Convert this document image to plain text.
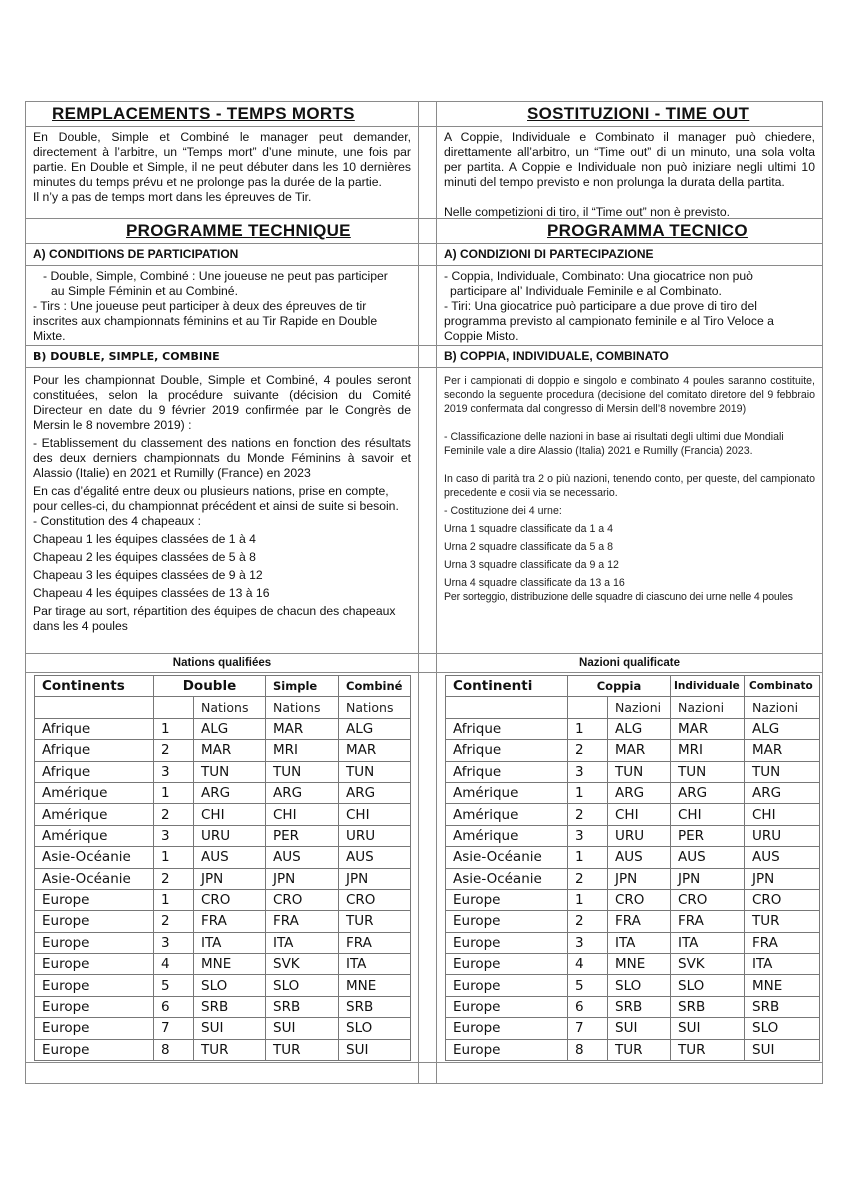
REMPLACEMENTS - TEMPS MORTS		SOSTITUZIONI - TIME OUT

En Double, Simple et Combiné le manager peut demander, directement à l’arbitre, un “Temps mort” d’une minute, une fois par partie. En Double et Simple, il ne peut débuter dans les 10 dernières minutes du temps prévu et ne prolonge pas la durée de la partie.

Il n’y a pas de temps mort dans les épreuves de Tir.

A Coppie, Individuale e Combinato il manager può chiedere, direttamente all’arbitro, un “Time out” di un minuto, una sola volta per partita. A Coppie e Individuale non può iniziare negli ultimi 10 minuti del tempo previsto e non prolunga la durata della partita.

Nelle competizioni di tiro, il “Time out” non è previsto.

PROGRAMME TECHNIQUE		PROGRAMMA TECNICO

A) CONDITIONS DE PARTICIPATION		A) CONDIZIONI DI PARTECIPAZIONE

- Double, Simple, Combiné : Une joueuse ne peut pas participer

au Simple Féminin et au Combiné.

- Tirs : Une joueuse peut participer à deux des épreuves de tir inscrites aux championnats féminins et au Tir Rapide en Double Mixte.

- Coppia, Individuale, Combinato: Una giocatrice non può

participare al’ Individuale Feminile e al Combinato.

- Tiri: Una giocatrice può participare a due prove di tiro del programma previsto al campionato feminile e al Tiro Veloce a Coppie Misto.

B) DOUBLE, SIMPLE, COMBINE		B) COPPIA, INDIVIDUALE, COMBINATO

Pour les championnat Double, Simple et Combiné, 4 poules seront constituées, selon la procédure suivante (décision du Comité Directeur en date du 9 février 2019 confirmée par le Congrès de Mersin le 8 novembre 2019) :

- Etablissement du classement des nations en fonction des résultats des deux derniers championnats du Monde Féminins à savoir et Alassio (Italie) en 2021 et Rumilly (France) en 2023

En cas d’égalité entre deux ou plusieurs nations, prise en compte, pour celles-ci, du championnat précédent et ainsi de suite si besoin.

- Constitution des 4 chapeaux :

Chapeau 1 les équipes classées de 1 à 4

Chapeau 2 les équipes classées de 5 à 8

Chapeau 3 les équipes classées de 9 à 12

Chapeau 4 les équipes classées de 13 à 16

Par tirage au sort, répartition des équipes de chacun des chapeaux dans les 4 poules

Per i campionati di doppio e singolo e combinato 4 poules saranno costituite, secondo la seguente procedura (decisione del comitato diretore del 9 febbraio 2019 confermata dal congresso di Mersin dell’8 novembre 2019)

- Classificazione delle nazioni in base ai risultati degli ultimi due Mondiali Feminile vale a dire Alassio (Italia) 2021 e Rumilly (Francia) 2023.

In caso di parità tra 2 o più nazioni, tenendo conto, per queste, del campionato precedente e cosii via se necessario.

- Costituzione dei 4 urne:

Urna 1 squadre classificate da 1 a 4

Urna 2 squadre classificate da 5 a 8

Urna 3 squadre classificate da 9 a 12

Urna 4 squadre classificate da 13 a 16

Per sorteggio, distribuzione delle squadre di ciascuno dei urne nelle 4 poules

Nations qualifiées		Nazioni qualificate

Continents	Double	Simple	Combiné
		Nations	Nations	Nations
Afrique	1	ALG	MAR	ALG
Afrique	2	MAR	MRI	MAR
Afrique	3	TUN	TUN	TUN
Amérique	1	ARG	ARG	ARG
Amérique	2	CHI	CHI	CHI
Amérique	3	URU	PER	URU
Asie-Océanie	1	AUS	AUS	AUS
Asie-Océanie	2	JPN	JPN	JPN
Europe	1	CRO	CRO	CRO
Europe	2	FRA	FRA	TUR
Europe	3	ITA	ITA	FRA
Europe	4	MNE	SVK	ITA
Europe	5	SLO	SLO	MNE
Europe	6	SRB	SRB	SRB
Europe	7	SUI	SUI	SLO
Europe	8	TUR	TUR	SUI

Continenti	Coppia	Individuale	Combinato
		Nazioni	Nazioni	Nazioni
Afrique	1	ALG	MAR	ALG
Afrique	2	MAR	MRI	MAR
Afrique	3	TUN	TUN	TUN
Amérique	1	ARG	ARG	ARG
Amérique	2	CHI	CHI	CHI
Amérique	3	URU	PER	URU
Asie-Océanie	1	AUS	AUS	AUS
Asie-Océanie	2	JPN	JPN	JPN
Europe	1	CRO	CRO	CRO
Europe	2	FRA	FRA	TUR
Europe	3	ITA	ITA	FRA
Europe	4	MNE	SVK	ITA
Europe	5	SLO	SLO	MNE
Europe	6	SRB	SRB	SRB
Europe	7	SUI	SUI	SLO
Europe	8	TUR	TUR	SUI
